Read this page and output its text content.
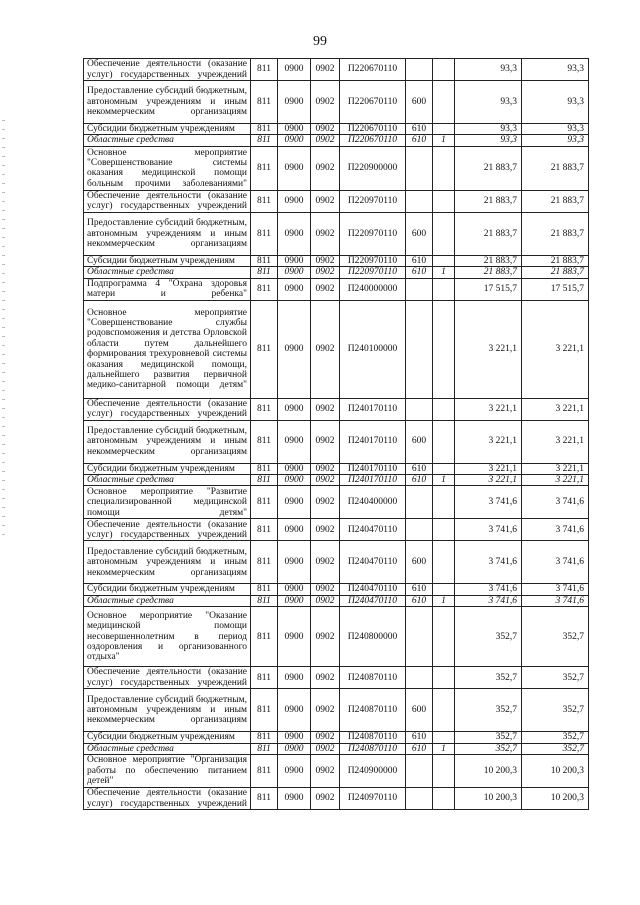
99
Обеспечение деятельности (оказание услуг) государственных учреждений	811	0900	0902	П220670110			93,3	93,3
Предоставление субсидий бюджетным, автономным учреждениям и иным некоммерческим организациям	811	0900	0902	П220670110	600		93,3	93,3
Субсидии бюджетным учреждениям	811	0900	0902	П220670110	610		93,3	93,3
Областные средства	811	0900	0902	П220670110	610	1	93,3	93,3
Основное мероприятие "Совершенствование системы оказания медицинской помощи больным прочими заболеваниями"	811	0900	0902	П220900000			21 883,7	21 883,7
Обеспечение деятельности (оказание услуг) государственных учреждений	811	0900	0902	П220970110			21 883,7	21 883,7
Предоставление субсидий бюджетным, автономным учреждениям и иным некоммерческим организациям	811	0900	0902	П220970110	600		21 883,7	21 883,7
Субсидии бюджетным учреждениям	811	0900	0902	П220970110	610		21 883,7	21 883,7
Областные средства	811	0900	0902	П220970110	610	1	21 883,7	21 883,7
Подпрограмма 4 "Охрана здоровья матери и ребенка"	811	0900	0902	П240000000			17 515,7	17 515,7
Основное мероприятие "Совершенствование службы родовспоможения и детства Орловской области путем дальнейшего формирования трехуровневой системы оказания медицинской помощи, дальнейшего развития первичной медико-санитарной помощи детям"	811	0900	0902	П240100000			3 221,1	3 221,1
Обеспечение деятельности (оказание услуг) государственных учреждений	811	0900	0902	П240170110			3 221,1	3 221,1
Предоставление субсидий бюджетным, автономным учреждениям и иным некоммерческим организациям	811	0900	0902	П240170110	600		3 221,1	3 221,1
Субсидии бюджетным учреждениям	811	0900	0902	П240170110	610		3 221,1	3 221,1
Областные средства	811	0900	0902	П240170110	610	1	3 221,1	3 221,1
Основное мероприятие "Развитие специализированной медицинской помощи детям"	811	0900	0902	П240400000			3 741,6	3 741,6
Обеспечение деятельности (оказание услуг) государственных учреждений	811	0900	0902	П240470110			3 741,6	3 741,6
Предоставление субсидий бюджетным, автономным учреждениям и иным некоммерческим организациям	811	0900	0902	П240470110	600		3 741,6	3 741,6
Субсидии бюджетным учреждениям	811	0900	0902	П240470110	610		3 741,6	3 741,6
Областные средства	811	0900	0902	П240470110	610	1	3 741,6	3 741,6
Основное мероприятие "Оказание медицинской помощи несовершеннолетним в период оздоровления и организованного отдыха"	811	0900	0902	П240800000			352,7	352,7
Обеспечение деятельности (оказание услуг) государственных учреждений	811	0900	0902	П240870110			352,7	352,7
Предоставление субсидий бюджетным, автономным учреждениям и иным некоммерческим организациям	811	0900	0902	П240870110	600		352,7	352,7
Субсидии бюджетным учреждениям	811	0900	0902	П240870110	610		352,7	352,7
Областные средства	811	0900	0902	П240870110	610	1	352,7	352,7
Основное мероприятие "Организация работы по обеспечению питанием детей"	811	0900	0902	П240900000			10 200,3	10 200,3
Обеспечение деятельности (оказание услуг) государственных учреждений	811	0900	0902	П240970110			10 200,3	10 200,3
